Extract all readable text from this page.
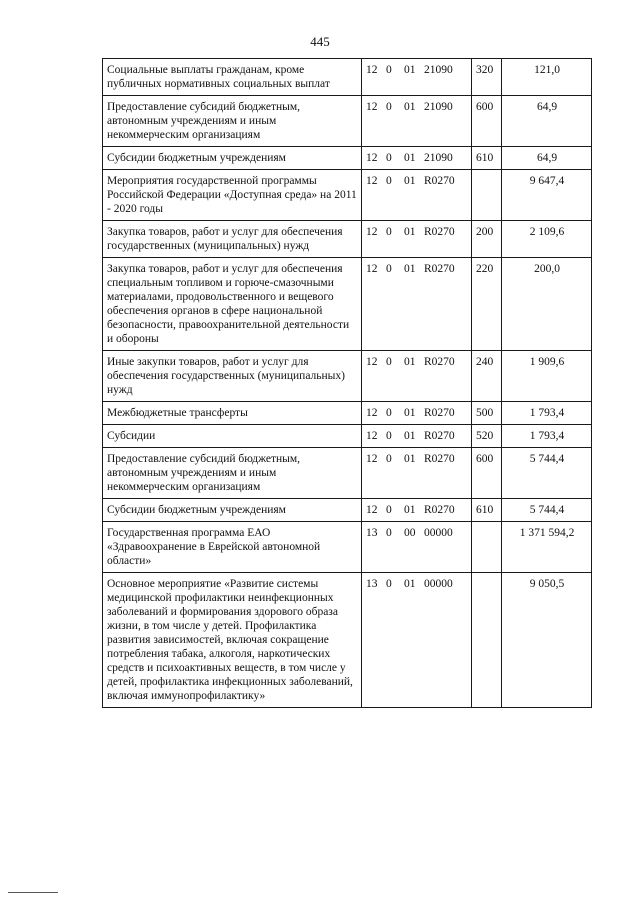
445
Социальные выплаты гражданам, кроме публичных нормативных социальных выплат	12 0 01 21090	320	121,0
Предоставление субсидий бюджетным, автономным учреждениям и иным некоммерческим организациям	12 0 01 21090	600	64,9
Субсидии бюджетным учреждениям	12 0 01 21090	610	64,9
Мероприятия государственной программы Российской Федерации «Доступная среда» на 2011 - 2020 годы	12 0 01 R0270		9 647,4
Закупка товаров, работ и услуг для обеспечения государственных (муниципальных) нужд	12 0 01 R0270	200	2 109,6
Закупка товаров, работ и услуг для обеспечения специальным топливом и горюче-смазочными материалами, продовольственного и вещевого обеспечения органов в сфере национальной безопасности, правоохранительной деятельности и обороны	12 0 01 R0270	220	200,0
Иные закупки товаров, работ и услуг для обеспечения государственных (муниципальных) нужд	12 0 01 R0270	240	1 909,6
Межбюджетные трансферты	12 0 01 R0270	500	1 793,4
Субсидии	12 0 01 R0270	520	1 793,4
Предоставление субсидий бюджетным, автономным учреждениям и иным некоммерческим организациям	12 0 01 R0270	600	5 744,4
Субсидии бюджетным учреждениям	12 0 01 R0270	610	5 744,4
Государственная программа ЕАО «Здравоохранение в Еврейской автономной области»	13 0 00 00000		1 371 594,2
Основное мероприятие «Развитие системы медицинской профилактики неинфекционных заболеваний и формирования здорового образа жизни, в том числе у детей. Профилактика развития зависимостей, включая сокращение потребления табака, алкоголя, наркотических средств и психоактивных веществ, в том числе у детей, профилактика инфекционных заболеваний, включая иммунопрофилактику»	13 0 01 00000		9 050,5
